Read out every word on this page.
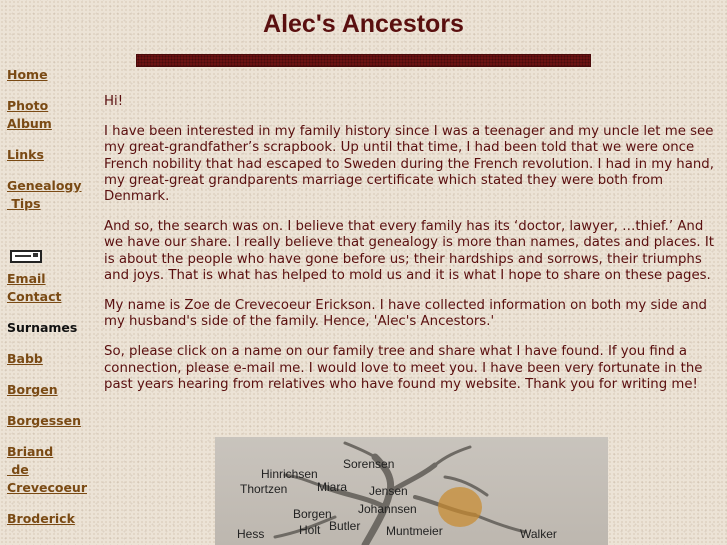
Alec's Ancestors
Home
Photo
Album
Links
Genealogy
Tips
Email
Contact
Surnames
Babb
Borgen
Borgessen
Briand
de
Crevecoeur
Broderick

Hi!

I have been interested in my family history since I was a teenager and my uncle let me see my great-grandfather’s scrapbook. Up until that time, I had been told that we were once French nobility that had escaped to Sweden during the French revolution. I had in my hand, my great-great grandparents marriage certificate which stated they were both from Denmark.

And so, the search was on. I believe that every family has its ‘doctor, lawyer, …thief.’ And we have our share. I really believe that genealogy is more than names, dates and places. It is about the people who have gone before us; their hardships and sorrows, their triumphs and joys. That is what has helped to mold us and it is what I hope to share on these pages.

My name is Zoe de Crevecoeur Erickson. I have collected information on both my side and my husband's side of the family. Hence, 'Alec's Ancestors.'

So, please click on a name on our family tree and share what I have found. If you find a connection, please e-mail me. I would love to meet you. I have been very fortunate in the past years hearing from relatives who have found my website. Thank you for writing me!

Sorensen
Hinrichsen
Thortzen Miara Jensen
Johannsen
Borgen
Butler
Holt	Muntmeier
Hess	Walker
